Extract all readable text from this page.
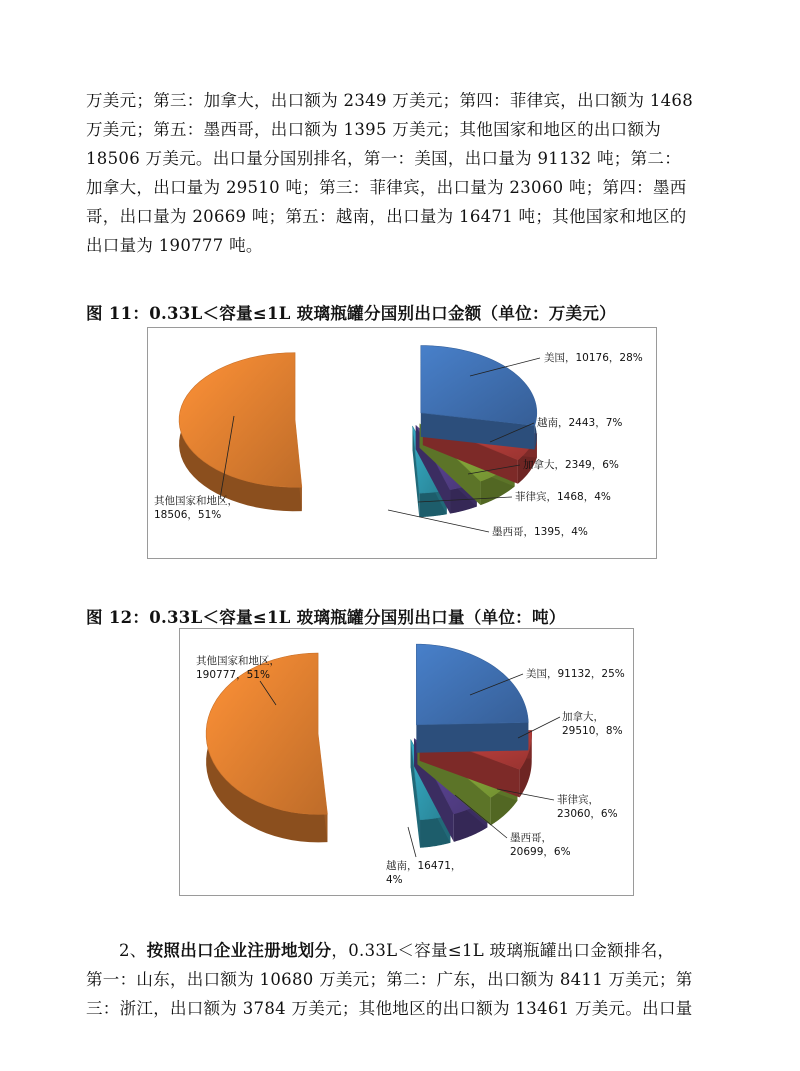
万美元；第三：加拿大，出口额为 2349 万美元；第四：菲律宾，出口额为 1468

万美元；第五：墨西哥，出口额为 1395 万美元；其他国家和地区的出口额为

18506 万美元。出口量分国别排名，第一：美国，出口量为 91132 吨；第二：

加拿大，出口量为 29510 吨；第三：菲律宾，出口量为 23060 吨；第四：墨西

哥，出口量为 20669 吨；第五：越南，出口量为 16471 吨；其他国家和地区的

出口量为 190777 吨。

图 11：0.33L＜容量≤1L 玻璃瓶罐分国别出口金额（单位：万美元）
美国，10176，28%
越南，2443，7%
加拿大，2349，6%
菲律宾，1468，4%
墨西哥，1395，4%
其他国家和地区， 18506，51%
图 12：0.33L＜容量≤1L 玻璃瓶罐分国别出口量（单位：吨）
美国，91132，25%
加拿大， 29510，8%
菲律宾， 23060，6%
墨西哥， 20699，6%
越南，16471， 4%
其他国家和地区， 190777，51%

2、按照出口企业注册地划分，0.33L＜容量≤1L 玻璃瓶罐出口金额排名，

第一：山东，出口额为 10680 万美元；第二：广东，出口额为 8411 万美元；第

三：浙江，出口额为 3784 万美元；其他地区的出口额为 13461 万美元。出口量
